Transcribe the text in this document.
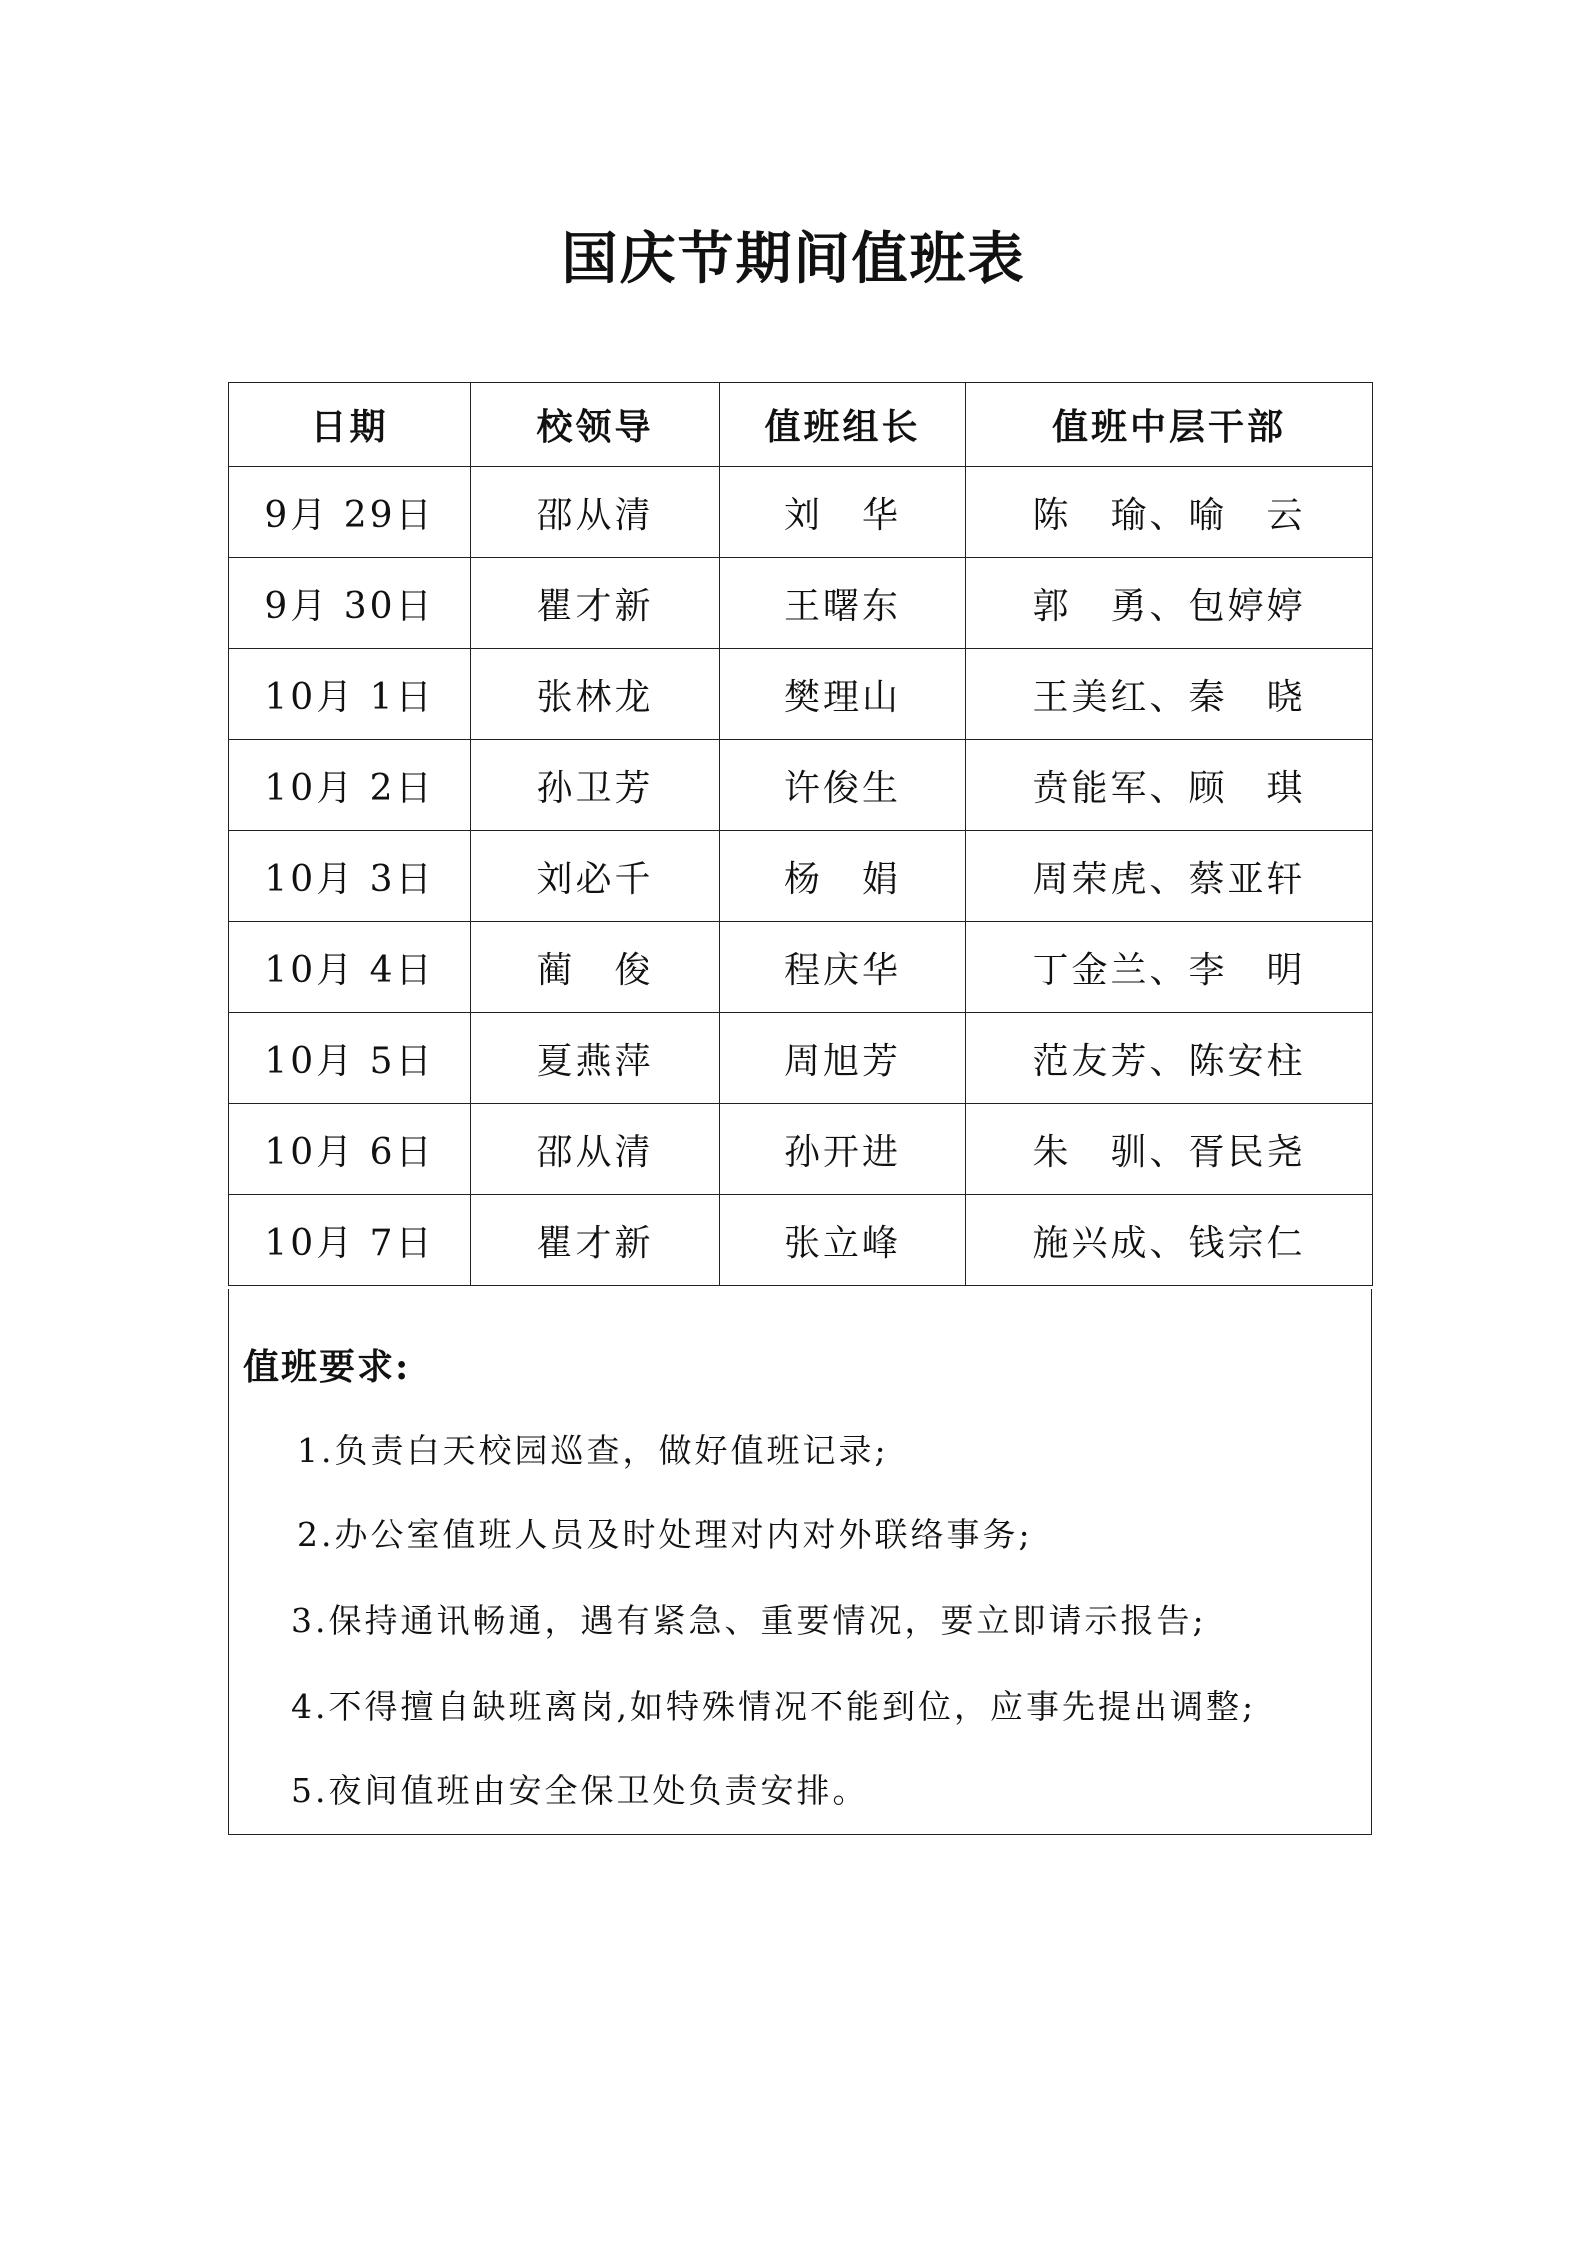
国庆节期间值班表
日期	校领导	值班组长	值班中层干部
9月 29日	邵从清	刘　华	陈　瑜、喻　云
9月 30日	瞿才新	王曙东	郭　勇、包婷婷
10月 1日	张林龙	樊理山	王美红、秦　晓
10月 2日	孙卫芳	许俊生	贲能军、顾　琪
10月 3日	刘必千	杨　娟	周荣虎、蔡亚轩
10月 4日	蔺　俊	程庆华	丁金兰、李　明
10月 5日	夏燕萍	周旭芳	范友芳、陈安柱
10月 6日	邵从清	孙开进	朱　驯、胥民尧
10月 7日	瞿才新	张立峰	施兴成、钱宗仁
值班要求:
1.负责白天校园巡查，做好值班记录;
2.办公室值班人员及时处理对内对外联络事务;
3.保持通讯畅通，遇有紧急、重要情况，要立即请示报告;
4.不得擅自缺班离岗,如特殊情况不能到位，应事先提出调整;
5.夜间值班由安全保卫处负责安排。
